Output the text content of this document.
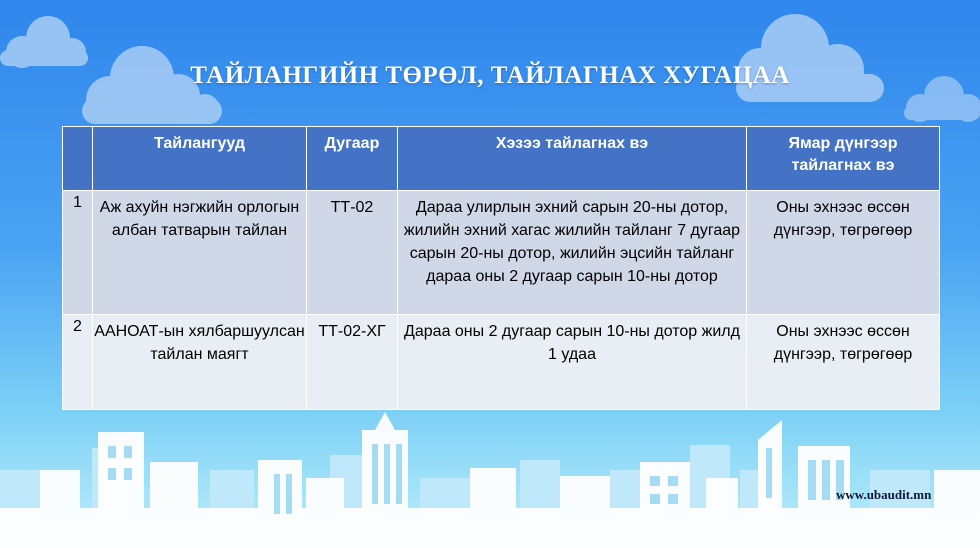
ТАЙЛАНГИЙН ТӨРӨЛ, ТАЙЛАГНАХ ХУГАЦАА
	Тайлангууд	Дугаар	Хэзээ тайлагнах вэ	Ямар дүнгээр тайлагнах вэ
1	Аж ахуйн нэгжийн орлогын албан татварын тайлан	ТТ-02	Дараа улирлын эхний сарын 20-ны дотор, жилийн эхний хагас жилийн тайланг 7 дугаар сарын 20-ны дотор, жилийн эцсийн тайланг дараа оны 2 дугаар сарын 10-ны дотор	Оны эхнээс өссөн дүнгээр, төгрөгөөр
2	ААНОАТ-ын хялбаршуулсан тайлан маягт	ТТ-02-ХГ	Дараа оны 2 дугаар сарын 10-ны дотор жилд 1 удаа	Оны эхнээс өссөн дүнгээр, төгрөгөөр
www.ubaudit.mn
